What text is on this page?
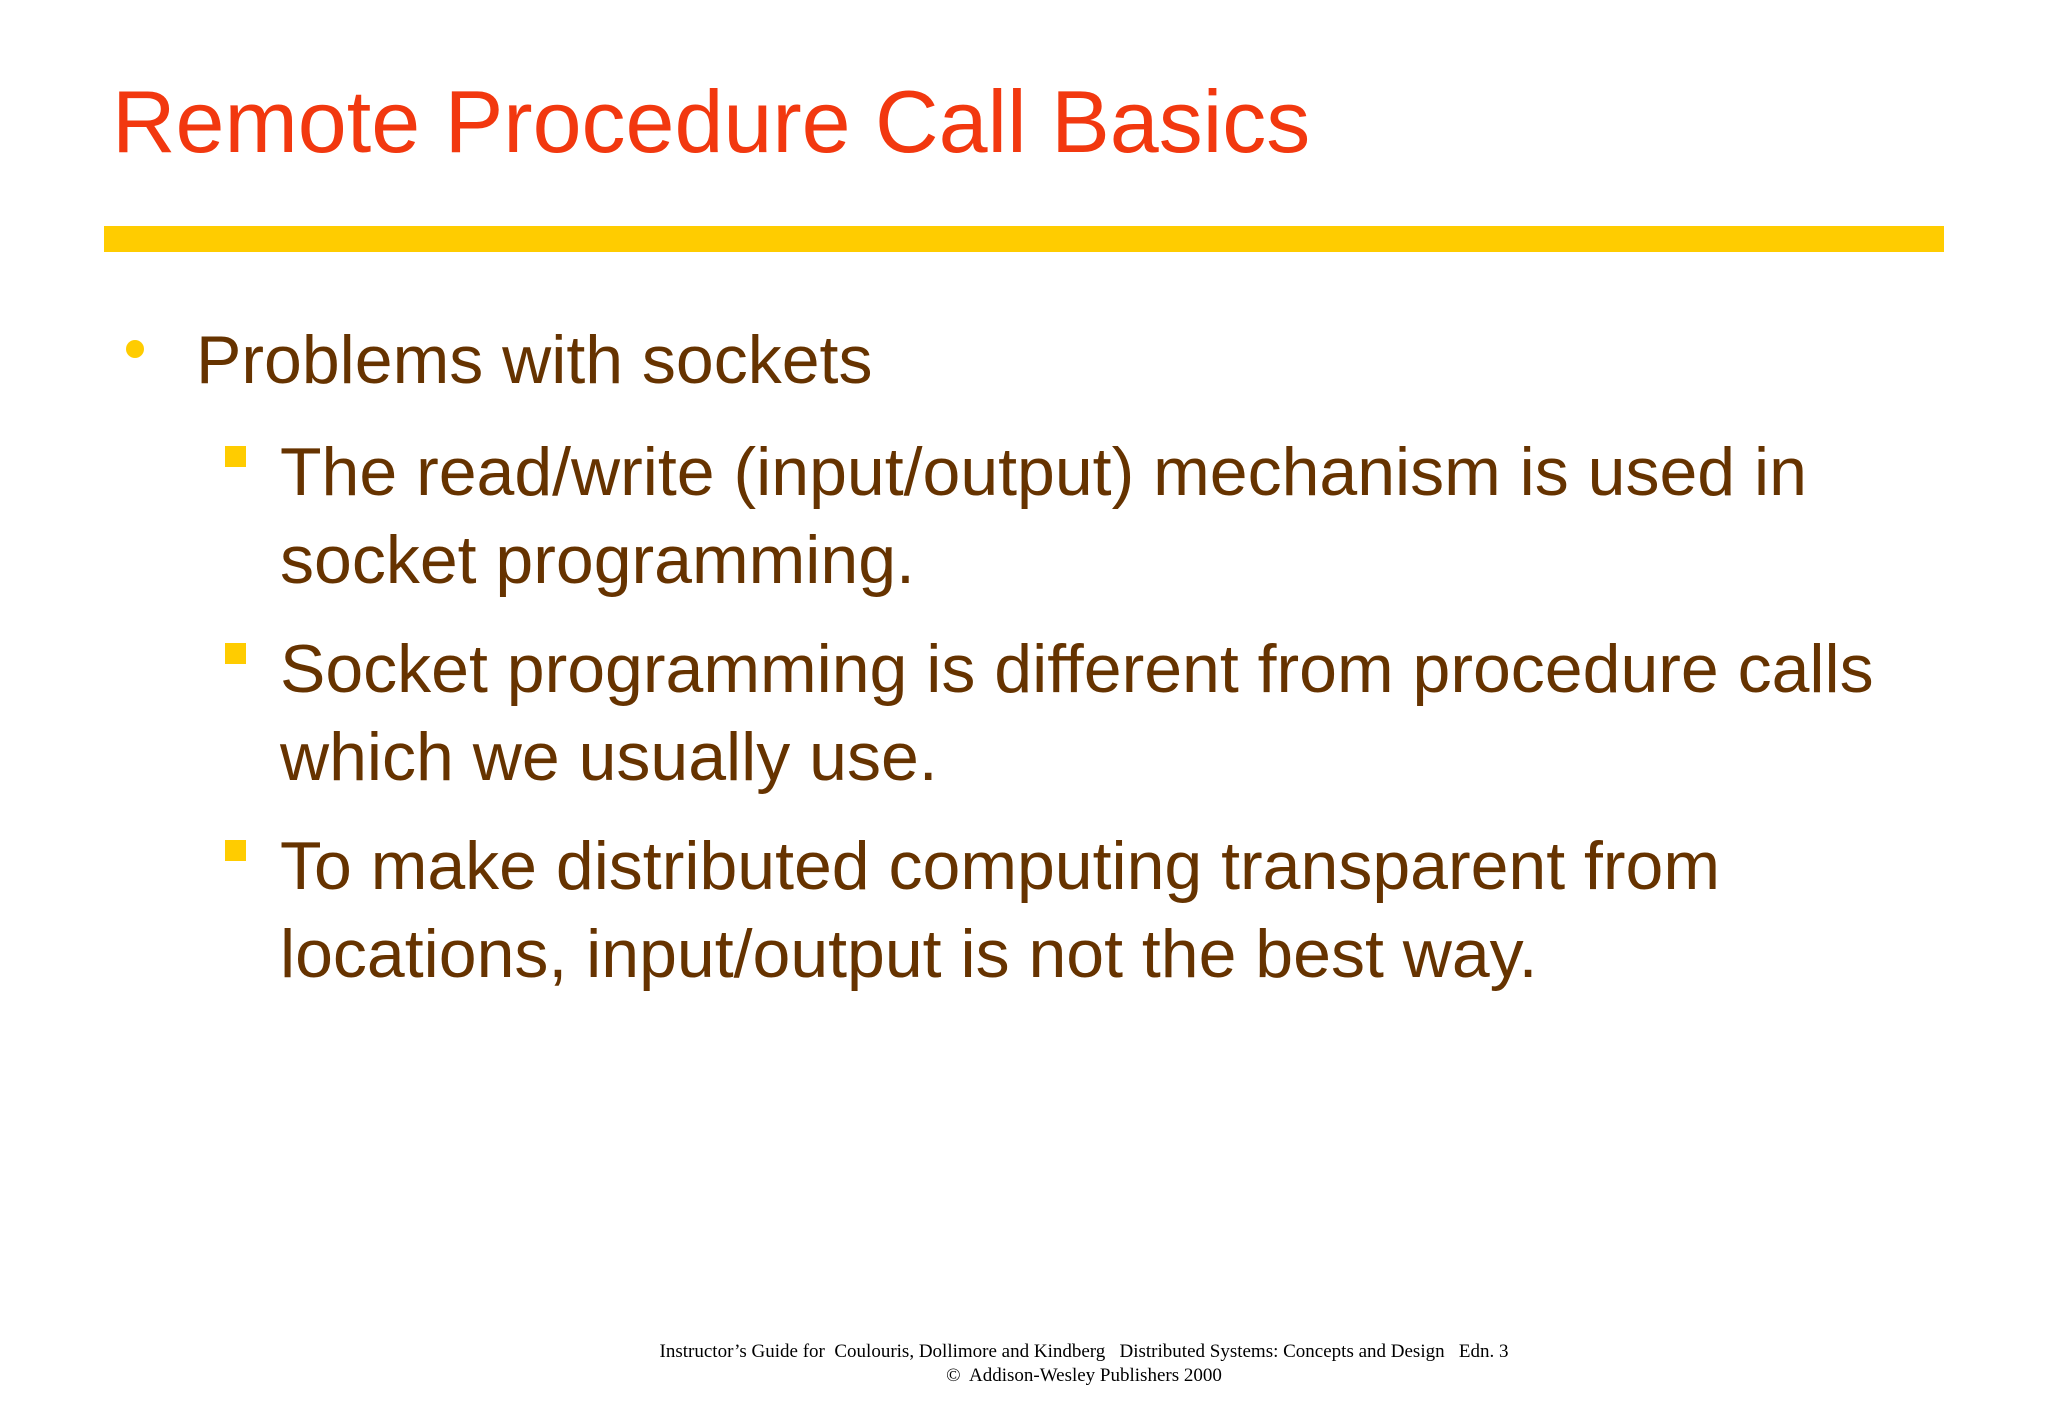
Remote Procedure Call Basics
Problems with sockets
The read/write (input/output) mechanism is used in socket programming.
Socket programming is different from procedure calls which we usually use.
To make distributed computing transparent from locations, input/output is not the best way.
Instructor’s Guide for  Coulouris, Dollimore and Kindberg   Distributed Systems: Concepts and Design   Edn. 3
©  Addison-Wesley Publishers 2000
